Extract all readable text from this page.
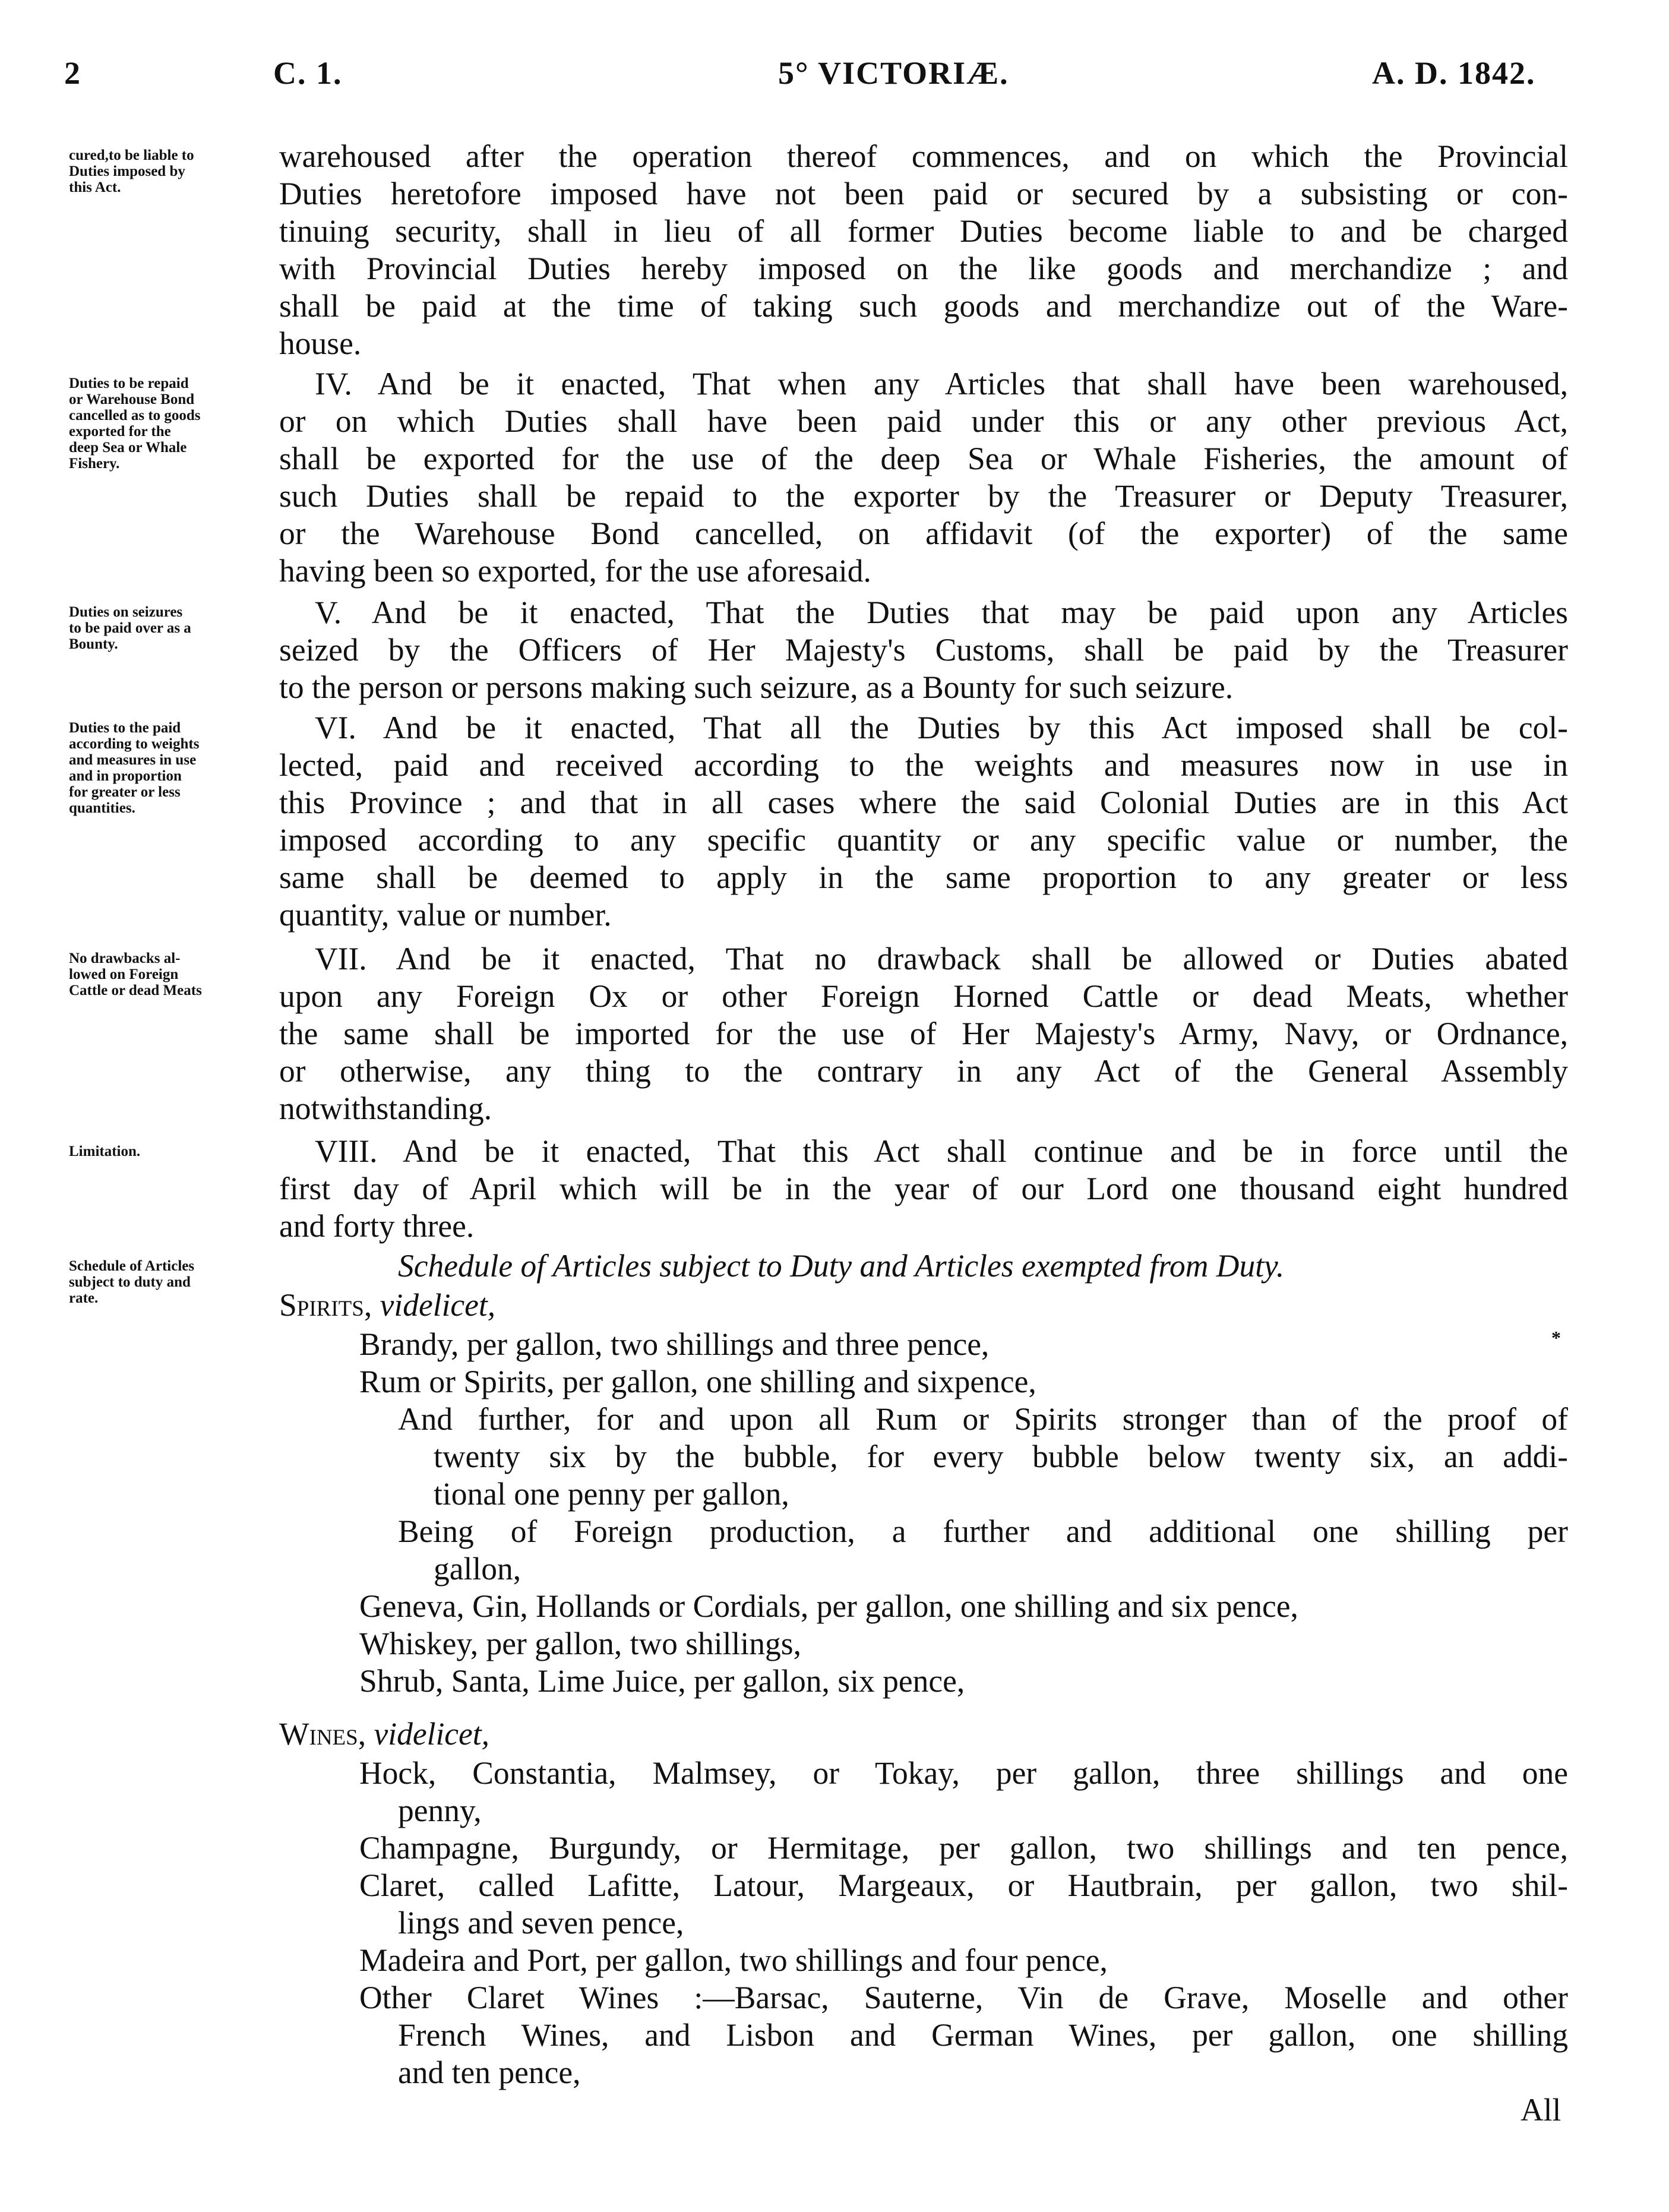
2	C. 1.	5° VICTORIÆ.	A. D. 1842.
cured,to be liable to
Duties imposed by
this Act.
Duties to be repaid
or Warehouse Bond
cancelled as to goods
exported for the
deep Sea or Whale
Fishery.
Duties on seizures
to be paid over as a
Bounty.
Duties to the paid
according to weights
and measures in use
and in proportion
for greater or less
quantities.
No drawbacks al-
lowed on Foreign
Cattle or dead Meats
Limitation.
Schedule of Articles
subject to duty and
rate.
warehoused after the operation thereof commences, and on which the Provincial
Duties heretofore imposed have not been paid or secured by a subsisting or con-
tinuing security, shall in lieu of all former Duties become liable to and be charged
with Provincial Duties hereby imposed on the like goods and merchandize ; and
shall be paid at the time of taking such goods and merchandize out of the Ware-
house.
IV. And be it enacted, That when any Articles that shall have been warehoused,
or on which Duties shall have been paid under this or any other previous Act,
shall be exported for the use of the deep Sea or Whale Fisheries, the amount of
such Duties shall be repaid to the exporter by the Treasurer or Deputy Treasurer,
or the Warehouse Bond cancelled, on affidavit (of the exporter) of the same
having been so exported, for the use aforesaid.
V. And be it enacted, That the Duties that may be paid upon any Articles
seized by the Officers of Her Majesty's Customs, shall be paid by the Treasurer
to the person or persons making such seizure, as a Bounty for such seizure.
VI. And be it enacted, That all the Duties by this Act imposed shall be col-
lected, paid and received according to the weights and measures now in use in
this Province ; and that in all cases where the said Colonial Duties are in this Act
imposed according to any specific quantity or any specific value or number, the
same shall be deemed to apply in the same proportion to any greater or less
quantity, value or number.
VII. And be it enacted, That no drawback shall be allowed or Duties abated
upon any Foreign Ox or other Foreign Horned Cattle or dead Meats, whether
the same shall be imported for the use of Her Majesty's Army, Navy, or Ordnance,
or otherwise, any thing to the contrary in any Act of the General Assembly
notwithstanding.
VIII. And be it enacted, That this Act shall continue and be in force until the
first day of April which will be in the year of our Lord one thousand eight hundred
and forty three.
Schedule of Articles subject to Duty and Articles exempted from Duty.
Spirits, videlicet,
Brandy, per gallon, two shillings and three pence,
Rum or Spirits, per gallon, one shilling and sixpence,
And further, for and upon all Rum or Spirits stronger than of the proof of
twenty six by the bubble, for every bubble below twenty six, an addi-
tional one penny per gallon,
Being of Foreign production, a further and additional one shilling per
gallon,
Geneva, Gin, Hollands or Cordials, per gallon, one shilling and six pence,
Whiskey, per gallon, two shillings,
Shrub, Santa, Lime Juice, per gallon, six pence,
Wines, videlicet,
Hock, Constantia, Malmsey, or Tokay, per gallon, three shillings and one
penny,
Champagne, Burgundy, or Hermitage, per gallon, two shillings and ten pence,
Claret, called Lafitte, Latour, Margeaux, or Hautbrain, per gallon, two shil-
lings and seven pence,
Madeira and Port, per gallon, two shillings and four pence,
Other Claret Wines :—Barsac, Sauterne, Vin de Grave, Moselle and other
French Wines, and Lisbon and German Wines, per gallon, one shilling
and ten pence,
All
*
